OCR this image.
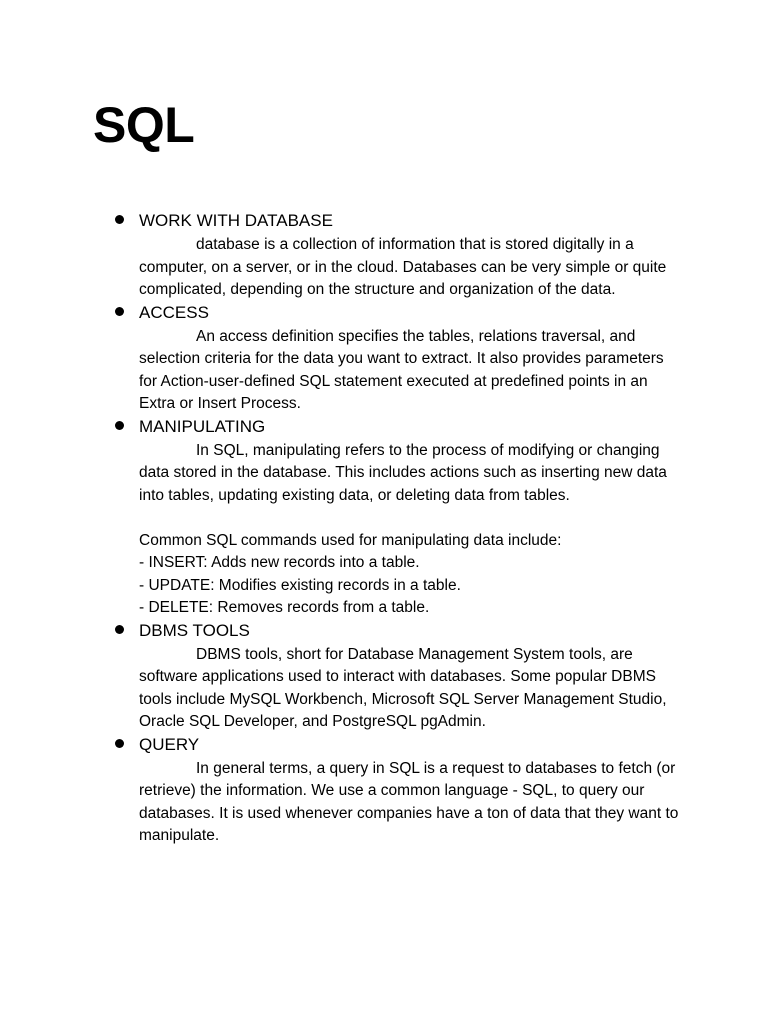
SQL
WORK WITH DATABASE

database is a collection of information that is stored digitally in a computer, on a server, or in the cloud. Databases can be very simple or quite complicated, depending on the structure and organization of the data.

ACCESS

An access definition specifies the tables, relations traversal, and selection criteria for the data you want to extract. It also provides parameters for Action-user-defined SQL statement executed at predefined points in an Extra or Insert Process.

MANIPULATING

In SQL, manipulating refers to the process of modifying or changing data stored in the database. This includes actions such as inserting new data into tables, updating existing data, or deleting data from tables.

Common SQL commands used for manipulating data include:
- INSERT: Adds new records into a table.
- UPDATE: Modifies existing records in a table.
- DELETE: Removes records from a table.
DBMS TOOLS

DBMS tools, short for Database Management System tools, are software applications used to interact with databases. Some popular DBMS tools include MySQL Workbench, Microsoft SQL Server Management Studio, Oracle SQL Developer, and PostgreSQL pgAdmin.

QUERY

In general terms, a query in SQL is a request to databases to fetch (or retrieve) the information. We use a common language - SQL, to query our databases. It is used whenever companies have a ton of data that they want to manipulate.
